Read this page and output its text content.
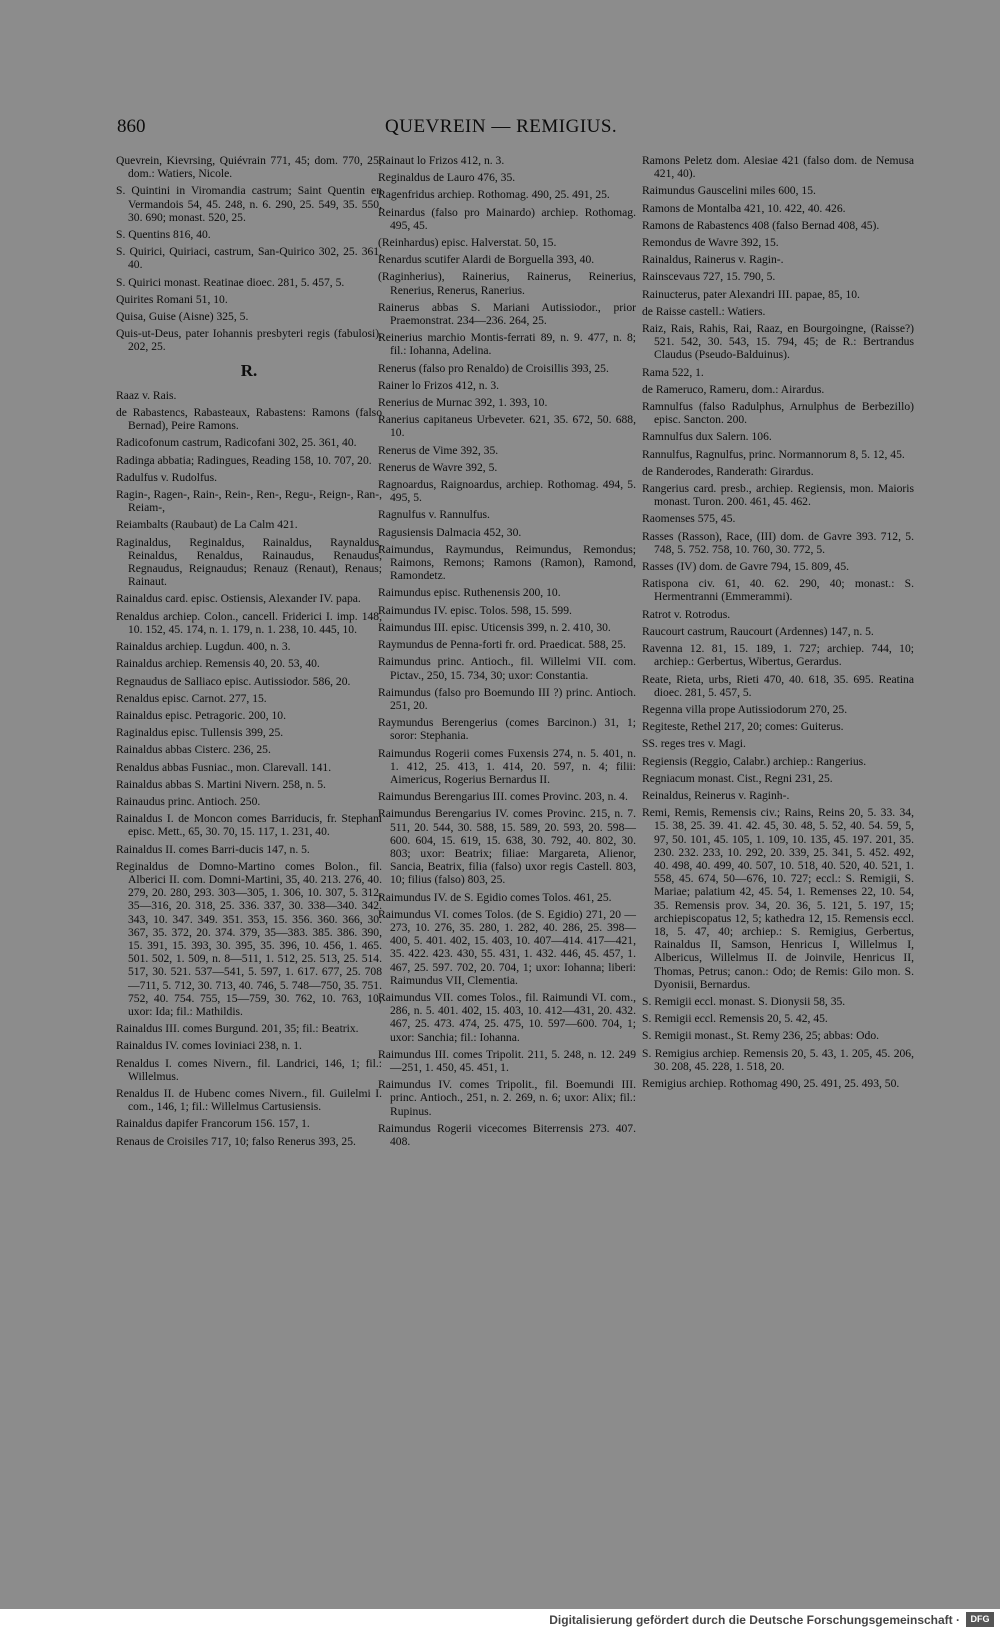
860	QUEVREIN — REMIGIUS.
Quevrein, Kievrsing, Quiévrain 771, 45; dom. 770, 25; dom.: Watiers, Nicole.
S. Quintini in Viromandia castrum; Saint Quentin en Vermandois 54, 45. 248, n. 6. 290, 25. 549, 35. 550, 30. 690; monast. 520, 25.
S. Quentins 816, 40.
S. Quirici, Quiriaci, castrum, San-Quirico 302, 25. 361, 40.
S. Quirici monast. Reatinae dioec. 281, 5. 457, 5.
Quirites Romani 51, 10.
Quisa, Guise (Aisne) 325, 5.
Quis-ut-Deus, pater Iohannis presbyteri regis (fabulosi), 202, 25.
R.
Raaz v. Rais.
de Rabastencs, Rabasteaux, Rabastens: Ramons (falso Bernad), Peire Ramons.
Radicofonum castrum, Radicofani 302, 25. 361, 40.
Radinga abbatia; Radingues, Reading 158, 10. 707, 20.
Radulfus v. Rudolfus.
Ragin-, Ragen-, Rain-, Rein-, Ren-, Regu-, Reign-, Ran-, Reiam-,
Reiambalts (Raubaut) de La Calm 421.
Raginaldus, Reginaldus, Rainaldus, Raynaldus, Reinaldus, Renaldus, Rainaudus, Renaudus, Regnaudus, Reignaudus; Renauz (Renaut), Renaus; Rainaut.
Rainaldus card. episc. Ostiensis, Alexander IV. papa.
Renaldus archiep. Colon., cancell. Friderici I. imp. 148, 10. 152, 45. 174, n. 1. 179, n. 1. 238, 10. 445, 10.
Rainaldus archiep. Lugdun. 400, n. 3.
Rainaldus archiep. Remensis 40, 20. 53, 40.
Regnaudus de Salliaco episc. Autissiodor. 586, 20.
Renaldus episc. Carnot. 277, 15.
Rainaldus episc. Petragoric. 200, 10.
Raginaldus episc. Tullensis 399, 25.
Rainaldus abbas Cisterc. 236, 25.
Renaldus abbas Fusniac., mon. Clarevall. 141.
Rainaldus abbas S. Martini Nivern. 258, n. 5.
Rainaudus princ. Antioch. 250.
Rainaldus I. de Moncon comes Barriducis, fr. Stephani episc. Mett., 65, 30. 70, 15. 117, 1. 231, 40.
Rainaldus II. comes Barri-ducis 147, n. 5.
Reginaldus de Domno-Martino comes Bolon., fil. Alberici II. com. Domni-Martini, 35, 40. 213. 276, 40. 279, 20. 280, 293. 303—305, 1. 306, 10. 307, 5. 312, 35—316, 20. 318, 25. 336. 337, 30. 338—340. 342. 343, 10. 347. 349. 351. 353, 15. 356. 360. 366, 30. 367, 35. 372, 20. 374. 379, 35—383. 385. 386. 390, 15. 391, 15. 393, 30. 395, 35. 396, 10. 456, 1. 465. 501. 502, 1. 509, n. 8—511, 1. 512, 25. 513, 25. 514. 517, 30. 521. 537—541, 5. 597, 1. 617. 677, 25. 708—711, 5. 712, 30. 713, 40. 746, 5. 748—750, 35. 751. 752, 40. 754. 755, 15—759, 30. 762, 10. 763, 10; uxor: Ida; fil.: Mathildis.
Rainaldus III. comes Burgund. 201, 35; fil.: Beatrix.
Rainaldus IV. comes Ioviniaci 238, n. 1.
Renaldus I. comes Nivern., fil. Landrici, 146, 1; fil.: Willelmus.
Renaldus II. de Hubenc comes Nivern., fil. Guilelmi I. com., 146, 1; fil.: Willelmus Cartusiensis.
Rainaldus dapifer Francorum 156. 157, 1.
Renaus de Croisiles 717, 10; falso Renerus 393, 25.
Rainaut lo Frizos 412, n. 3.
Reginaldus de Lauro 476, 35.
Ragenfridus archiep. Rothomag. 490, 25. 491, 25.
Reinardus (falso pro Mainardo) archiep. Rothomag. 495, 45.
(Reinhardus) episc. Halverstat. 50, 15.
Renardus scutifer Alardi de Borguella 393, 40.
(Raginherius), Rainerius, Rainerus, Reinerius, Renerius, Renerus, Ranerius.
Rainerus abbas S. Mariani Autissiodor., prior Praemonstrat. 234—236. 264, 25.
Reinerius marchio Montis-ferrati 89, n. 9. 477, n. 8; fil.: Iohanna, Adelina.
Renerus (falso pro Renaldo) de Croisillis 393, 25.
Rainer lo Frizos 412, n. 3.
Renerius de Murnac 392, 1. 393, 10.
Ranerius capitaneus Urbeveter. 621, 35. 672, 50. 688, 10.
Renerus de Vime 392, 35.
Renerus de Wavre 392, 5.
Ragnoardus, Raignoardus, archiep. Rothomag. 494, 5. 495, 5.
Ragnulfus v. Rannulfus.
Ragusiensis Dalmacia 452, 30.
Raimundus, Raymundus, Reimundus, Remondus; Raimons, Remons; Ramons (Ramon), Ramond, Ramondetz.
Raimundus episc. Ruthenensis 200, 10.
Raimundus IV. episc. Tolos. 598, 15. 599.
Raimundus III. episc. Uticensis 399, n. 2. 410, 30.
Raymundus de Penna-forti fr. ord. Praedicat. 588, 25.
Raimundus princ. Antioch., fil. Willelmi VII. com. Pictav., 250, 15. 734, 30; uxor: Constantia.
Raimundus (falso pro Boemundo III ?) princ. Antioch. 251, 20.
Raymundus Berengerius (comes Barcinon.) 31, 1; soror: Stephania.
Raimundus Rogerii comes Fuxensis 274, n. 5. 401, n. 1. 412, 25. 413, 1. 414, 20. 597, n. 4; filii: Aimericus, Rogerius Bernardus II.
Raimundus Berengarius III. comes Provinc. 203, n. 4.
Raimundus Berengarius IV. comes Provinc. 215, n. 7. 511, 20. 544, 30. 588, 15. 589, 20. 593, 20. 598—600. 604, 15. 619, 15. 638, 30. 792, 40. 802, 30. 803; uxor: Beatrix; filiae: Margareta, Alienor, Sancia, Beatrix, filia (falso) uxor regis Castell. 803, 10; filius (falso) 803, 25.
Raimundus IV. de S. Egidio comes Tolos. 461, 25.
Raimundus VI. comes Tolos. (de S. Egidio) 271, 20 — 273, 10. 276, 35. 280, 1. 282, 40. 286, 25. 398—400, 5. 401. 402, 15. 403, 10. 407—414. 417—421, 35. 422. 423. 430, 55. 431, 1. 432. 446, 45. 457, 1. 467, 25. 597. 702, 20. 704, 1; uxor: Iohanna; liberi: Raimundus VII, Clementia.
Raimundus VII. comes Tolos., fil. Raimundi VI. com., 286, n. 5. 401. 402, 15. 403, 10. 412—431, 20. 432. 467, 25. 473. 474, 25. 475, 10. 597—600. 704, 1; uxor: Sanchia; fil.: Iohanna.
Raimundus III. comes Tripolit. 211, 5. 248, n. 12. 249—251, 1. 450, 45. 451, 1.
Raimundus IV. comes Tripolit., fil. Boemundi III. princ. Antioch., 251, n. 2. 269, n. 6; uxor: Alix; fil.: Rupinus.
Raimundus Rogerii vicecomes Biterrensis 273. 407. 408.
Ramons Peletz dom. Alesiae 421 (falso dom. de Nemusa 421, 40).
Raimundus Gauscelini miles 600, 15.
Ramons de Montalba 421, 10. 422, 40. 426.
Ramons de Rabastencs 408 (falso Bernad 408, 45).
Remondus de Wavre 392, 15.
Rainaldus, Rainerus v. Ragin-.
Rainscevaus 727, 15. 790, 5.
Rainucterus, pater Alexandri III. papae, 85, 10.
de Raisse castell.: Watiers.
Raiz, Rais, Rahis, Rai, Raaz, en Bourgoingne, (Raisse?) 521. 542, 30. 543, 15. 794, 45; de R.: Bertrandus Claudus (Pseudo-Balduinus).
Rama 522, 1.
de Rameruco, Rameru, dom.: Airardus.
Ramnulfus (falso Radulphus, Arnulphus de Berbezillo) episc. Sancton. 200.
Ramnulfus dux Salern. 106.
Rannulfus, Ragnulfus, princ. Normannorum 8, 5. 12, 45.
de Randerodes, Randerath: Girardus.
Rangerius card. presb., archiep. Regiensis, mon. Maioris monast. Turon. 200. 461, 45. 462.
Raomenses 575, 45.
Rasses (Rasson), Race, (III) dom. de Gavre 393. 712, 5. 748, 5. 752. 758, 10. 760, 30. 772, 5.
Rasses (IV) dom. de Gavre 794, 15. 809, 45.
Ratispona civ. 61, 40. 62. 290, 40; monast.: S. Hermentranni (Emmerammi).
Ratrot v. Rotrodus.
Raucourt castrum, Raucourt (Ardennes) 147, n. 5.
Ravenna 12. 81, 15. 189, 1. 727; archiep. 744, 10; archiep.: Gerbertus, Wibertus, Gerardus.
Reate, Rieta, urbs, Rieti 470, 40. 618, 35. 695. Reatina dioec. 281, 5. 457, 5.
Regenna villa prope Autissiodorum 270, 25.
Regiteste, Rethel 217, 20; comes: Guiterus.
SS. reges tres v. Magi.
Regiensis (Reggio, Calabr.) archiep.: Rangerius.
Regniacum monast. Cist., Regni 231, 25.
Reinaldus, Reinerus v. Raginh-.
Remi, Remis, Remensis civ.; Rains, Reins 20, 5. 33. 34, 15. 38, 25. 39. 41. 42. 45, 30. 48, 5. 52, 40. 54. 59, 5, 97, 50. 101, 45. 105, 1. 109, 10. 135, 45. 197. 201, 35. 230. 232. 233, 10. 292, 20. 339, 25. 341, 5. 452. 492, 40. 498, 40. 499, 40. 507, 10. 518, 40. 520, 40. 521, 1. 558, 45. 674, 50—676, 10. 727; eccl.: S. Remigii, S. Mariae; palatium 42, 45. 54, 1. Remenses 22, 10. 54, 35. Remensis prov. 34, 20. 36, 5. 121, 5. 197, 15; archiepiscopatus 12, 5; kathedra 12, 15. Remensis eccl. 18, 5. 47, 40; archiep.: S. Remigius, Gerbertus, Rainaldus II, Samson, Henricus I, Willelmus I, Albericus, Willelmus II. de Joinvile, Henricus II, Thomas, Petrus; canon.: Odo; de Remis: Gilo mon. S. Dyonisii, Bernardus.
S. Remigii eccl. monast. S. Dionysii 58, 35.
S. Remigii eccl. Remensis 20, 5. 42, 45.
S. Remigii monast., St. Remy 236, 25; abbas: Odo.
S. Remigius archiep. Remensis 20, 5. 43, 1. 205, 45. 206, 30. 208, 45. 228, 1. 518, 20.
Remigius archiep. Rothomag 490, 25. 491, 25. 493, 50.
Digitalisierung gefördert durch die Deutsche Forschungsgemeinschaft ·	DFG
